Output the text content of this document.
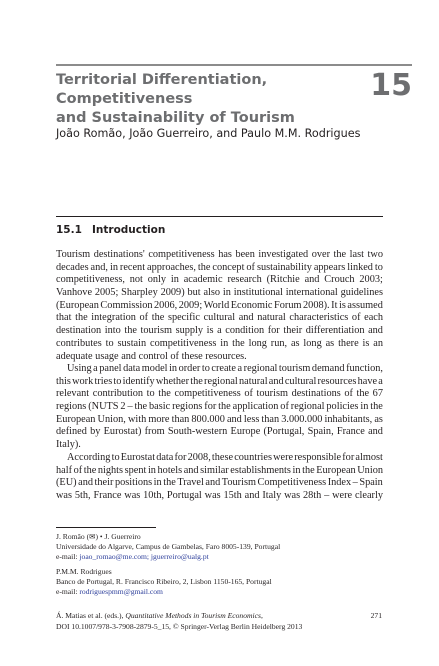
Territorial Differentiation, Competitiveness
and Sustainability of Tourism
15
João Romão, João Guerreiro, and Paulo M.M. Rodrigues
15.1 Introduction
Tourism destinations' competitiveness has been investigated over the last two
decades and, in recent approaches, the concept of sustainability appears linked to
competitiveness, not only in academic research (Ritchie and Crouch 2003;
Vanhove 2005; Sharpley 2009) but also in institutional international guidelines
(European Commission 2006, 2009; World Economic Forum 2008). It is assumed
that the integration of the specific cultural and natural characteristics of each
destination into the tourism supply is a condition for their differentiation and
contributes to sustain competitiveness in the long run, as long as there is an
adequate usage and control of these resources.
Using a panel data model in order to create a regional tourism demand function,
this work tries to identify whether the regional natural and cultural resources have a
relevant contribution to the competitiveness of tourism destinations of the 67
regions (NUTS 2 – the basic regions for the application of regional policies in the
European Union, with more than 800.000 and less than 3.000.000 inhabitants, as
defined by Eurostat) from South-western Europe (Portugal, Spain, France and
Italy).
According to Eurostat data for 2008, these countries were responsible for almost
half of the nights spent in hotels and similar establishments in the European Union
(EU) and their positions in the Travel and Tourism Competitiveness Index – Spain
was 5th, France was 10th, Portugal was 15th and Italy was 28th – were clearly
J. Romão (✉) • J. Guerreiro
Universidade do Algarve, Campus de Gambelas, Faro 8005-139, Portugal
e-mail: joao_romao@me.com; jguerreiro@ualg.pt
P.M.M. Rodrigues
Banco de Portugal, R. Francisco Ribeiro, 2, Lisbon 1150-165, Portugal
e-mail: rodriguespmm@gmail.com
Á. Matias et al. (eds.), Quantitative Methods in Tourism Economics,
DOI 10.1007/978-3-7908-2879-5_15, © Springer-Verlag Berlin Heidelberg 2013
271
